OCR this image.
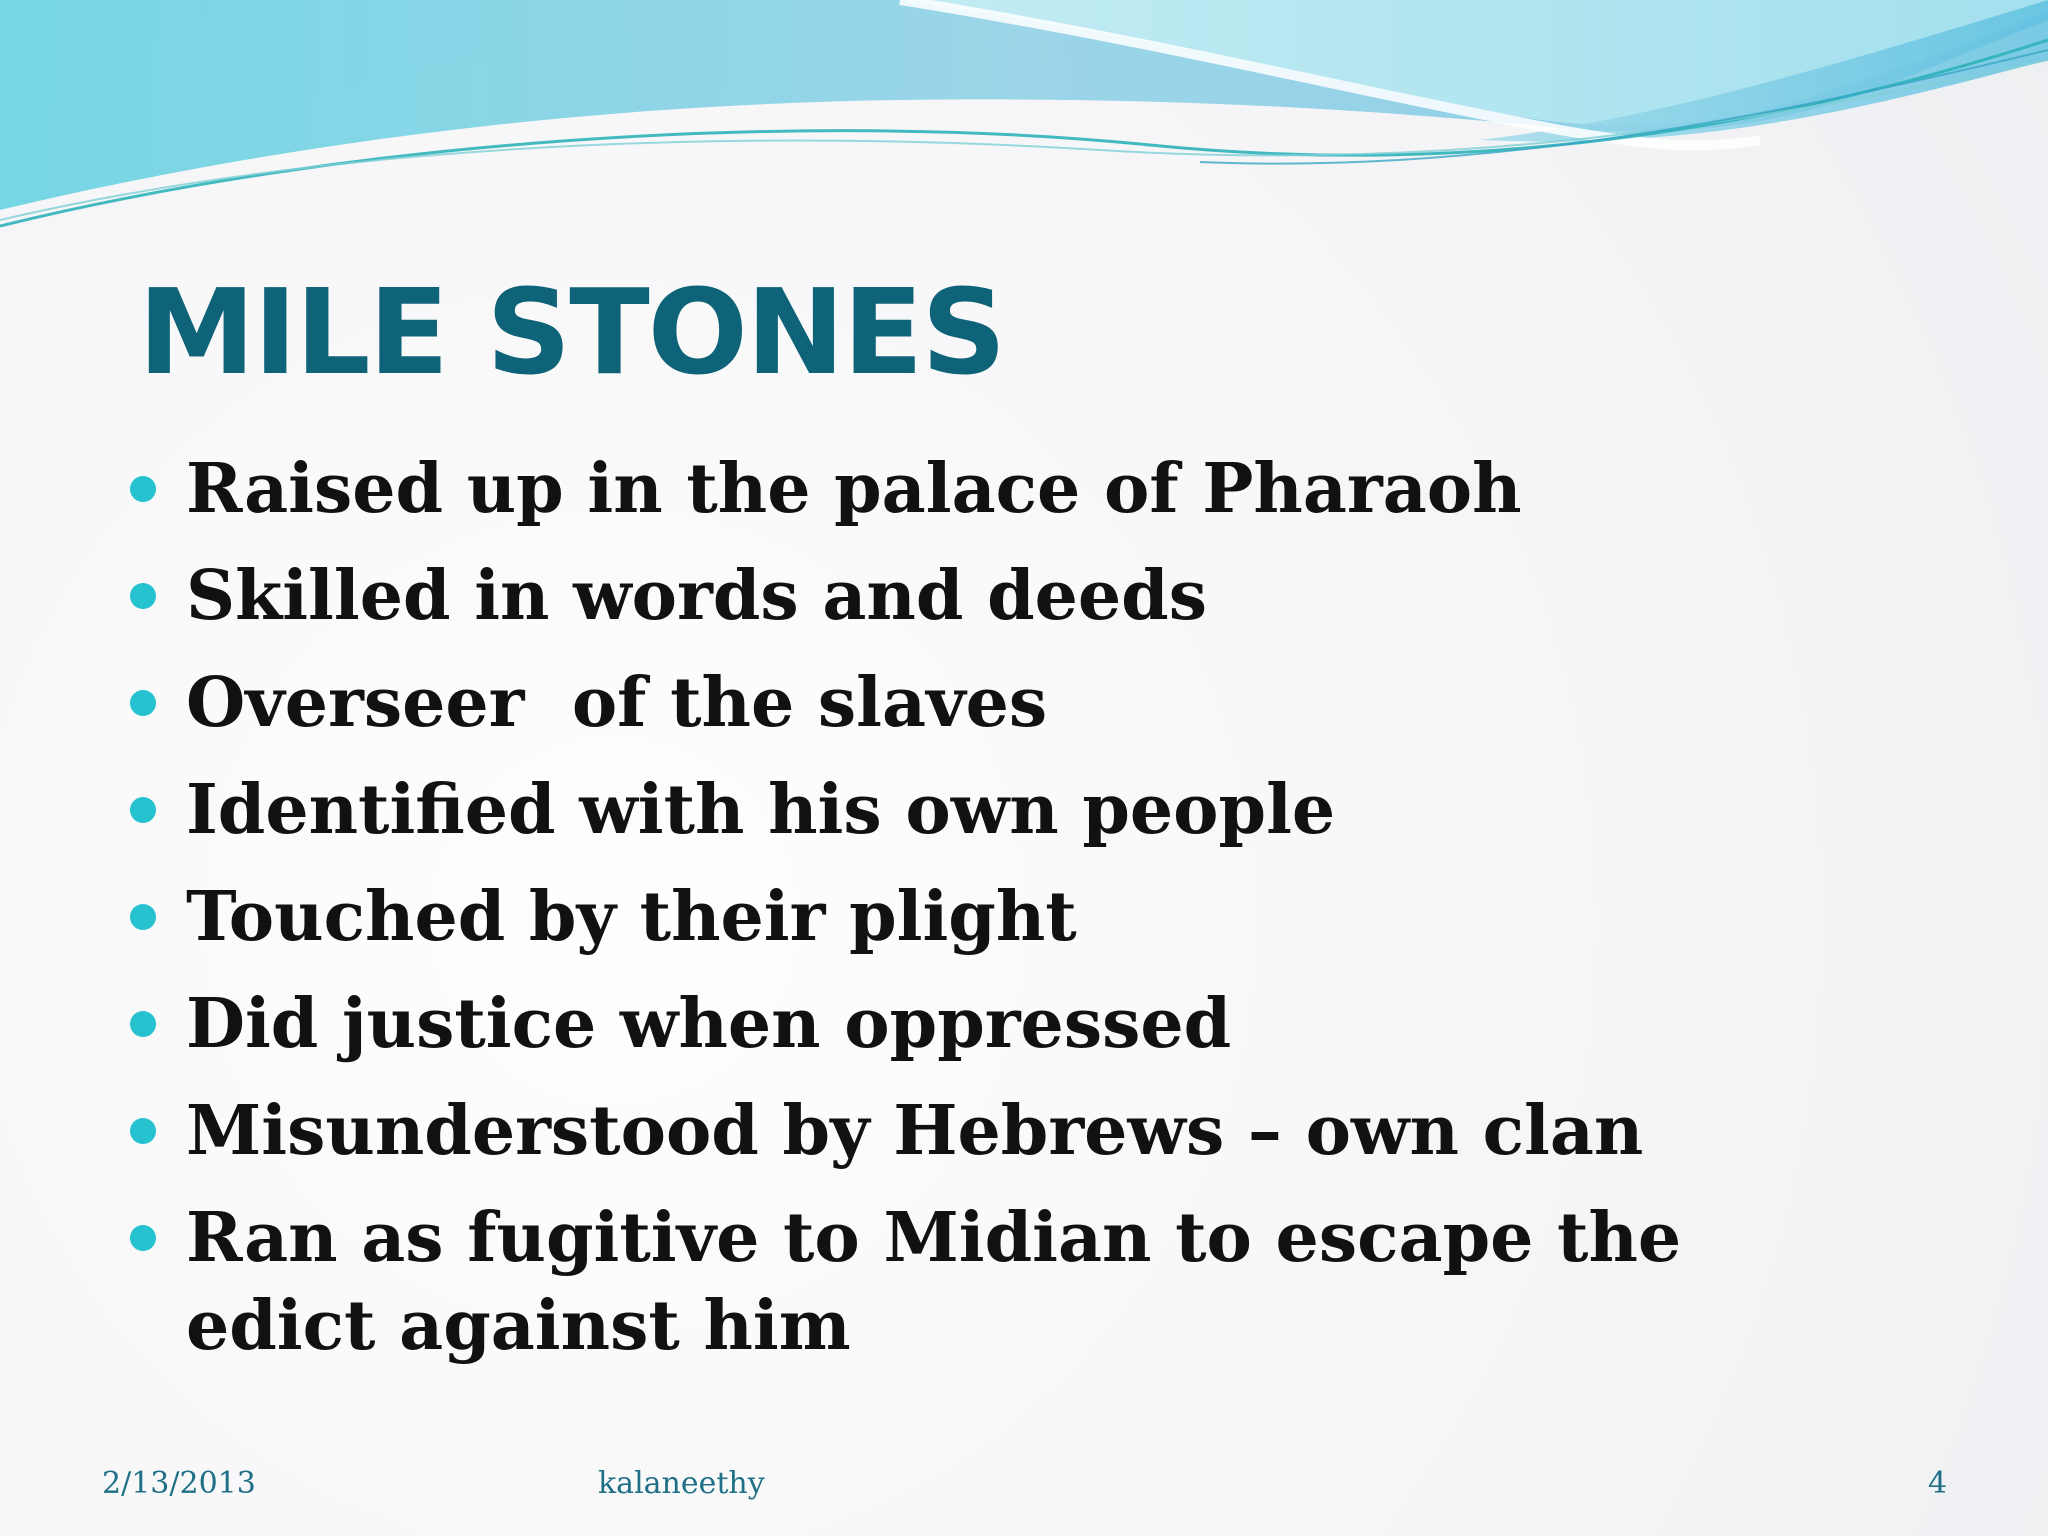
MILE STONES
Raised up in the palace of Pharaoh
Skilled in words and deeds
Overseer  of the slaves
Identified with his own people
Touched by their plight
Did justice when oppressed
Misunderstood by Hebrews – own clan
Ran as fugitive to Midian to escape the edict against him
2/13/2013	kalaneethy	4
